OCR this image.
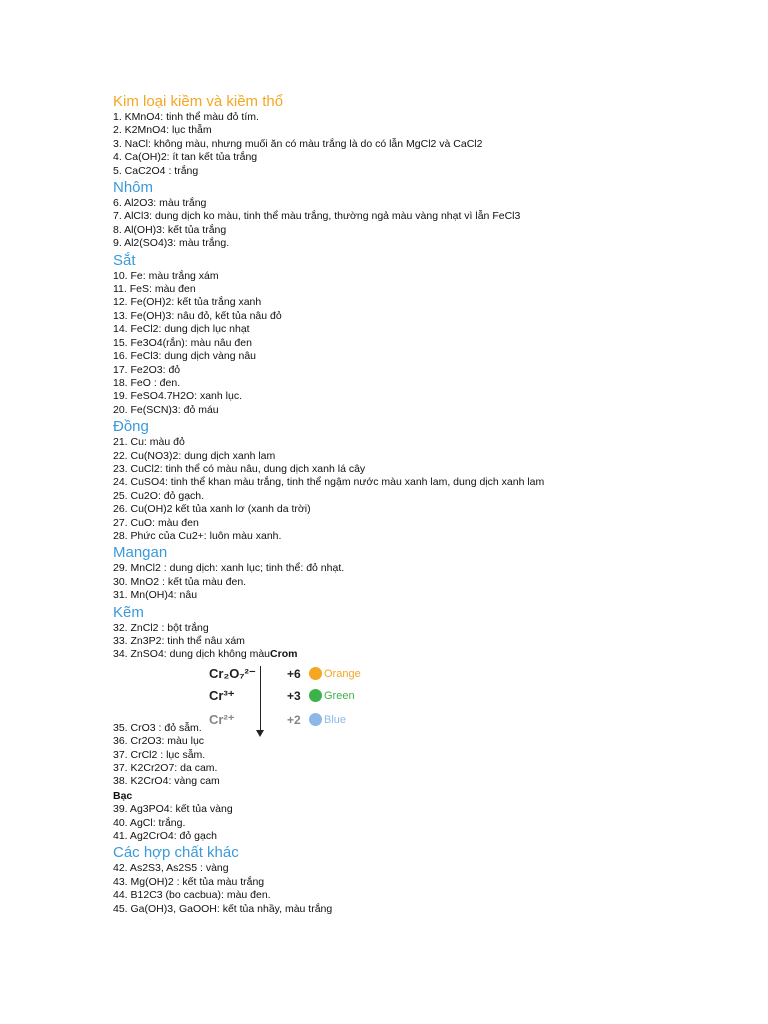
Kim loại kiềm và kiềm thổ
1. KMnO4: tinh thể màu đỏ tím.
2. K2MnO4: lục thẫm
3. NaCl: không màu, nhưng muối ăn có màu trắng là do có lẫn MgCl2 và CaCl2
4. Ca(OH)2: ít tan kết tủa trắng
5. CaC2O4 : trắng
Nhôm
6. Al2O3: màu trắng
7. AlCl3: dung dịch ko màu, tinh thể màu trắng, thường ngả màu vàng nhạt vì lẫn FeCl3
8. Al(OH)3: kết tủa trắng
9. Al2(SO4)3: màu trắng.
Sắt
10. Fe: màu trắng xám
11. FeS: màu đen
12. Fe(OH)2: kết tủa trắng xanh
13. Fe(OH)3: nâu đỏ, kết tủa nâu đỏ
14. FeCl2: dung dịch lục nhạt
15. Fe3O4(rắn): màu nâu đen
16. FeCl3: dung dịch vàng nâu
17. Fe2O3: đỏ
18. FeO : đen.
19. FeSO4.7H2O: xanh lục.
20. Fe(SCN)3: đỏ máu
Đồng
21. Cu: màu đỏ
22. Cu(NO3)2: dung dịch xanh lam
23. CuCl2: tinh thể có màu nâu, dung dịch xanh lá cây
24. CuSO4: tinh thể khan màu trắng, tinh thể ngậm nước màu xanh lam, dung dịch xanh lam
25. Cu2O: đỏ gạch.
26. Cu(OH)2 kết tủa xanh lơ (xanh da trời)
27. CuO: màu đen
28. Phức của Cu2+: luôn màu xanh.
Mangan
29. MnCl2 : dung dịch: xanh lục; tinh thể: đỏ nhạt.
30. MnO2 : kết tủa màu đen.
31. Mn(OH)4: nâu
Kẽm
32. ZnCl2 : bột trắng
33. Zn3P2: tinh thể nâu xám
34. ZnSO4: dung dịch không màuCrom
Cr₂O₇²⁻	+6	Orange
Cr³⁺	+3	Green
Cr²⁺	+2	Blue
35. CrO3 : đỏ sẫm.
36. Cr2O3: màu lục
37. CrCl2 : lục sẫm.
37. K2Cr2O7: da cam.
38. K2CrO4: vàng cam
Bạc
39. Ag3PO4: kết tủa vàng
40. AgCl: trắng.
41. Ag2CrO4: đỏ gạch
Các hợp chất khác
42. As2S3, As2S5 : vàng
43. Mg(OH)2 : kết tủa màu trắng
44. B12C3 (bo cacbua): màu đen.
45. Ga(OH)3, GaOOH: kết tủa nhầy, màu trắng
